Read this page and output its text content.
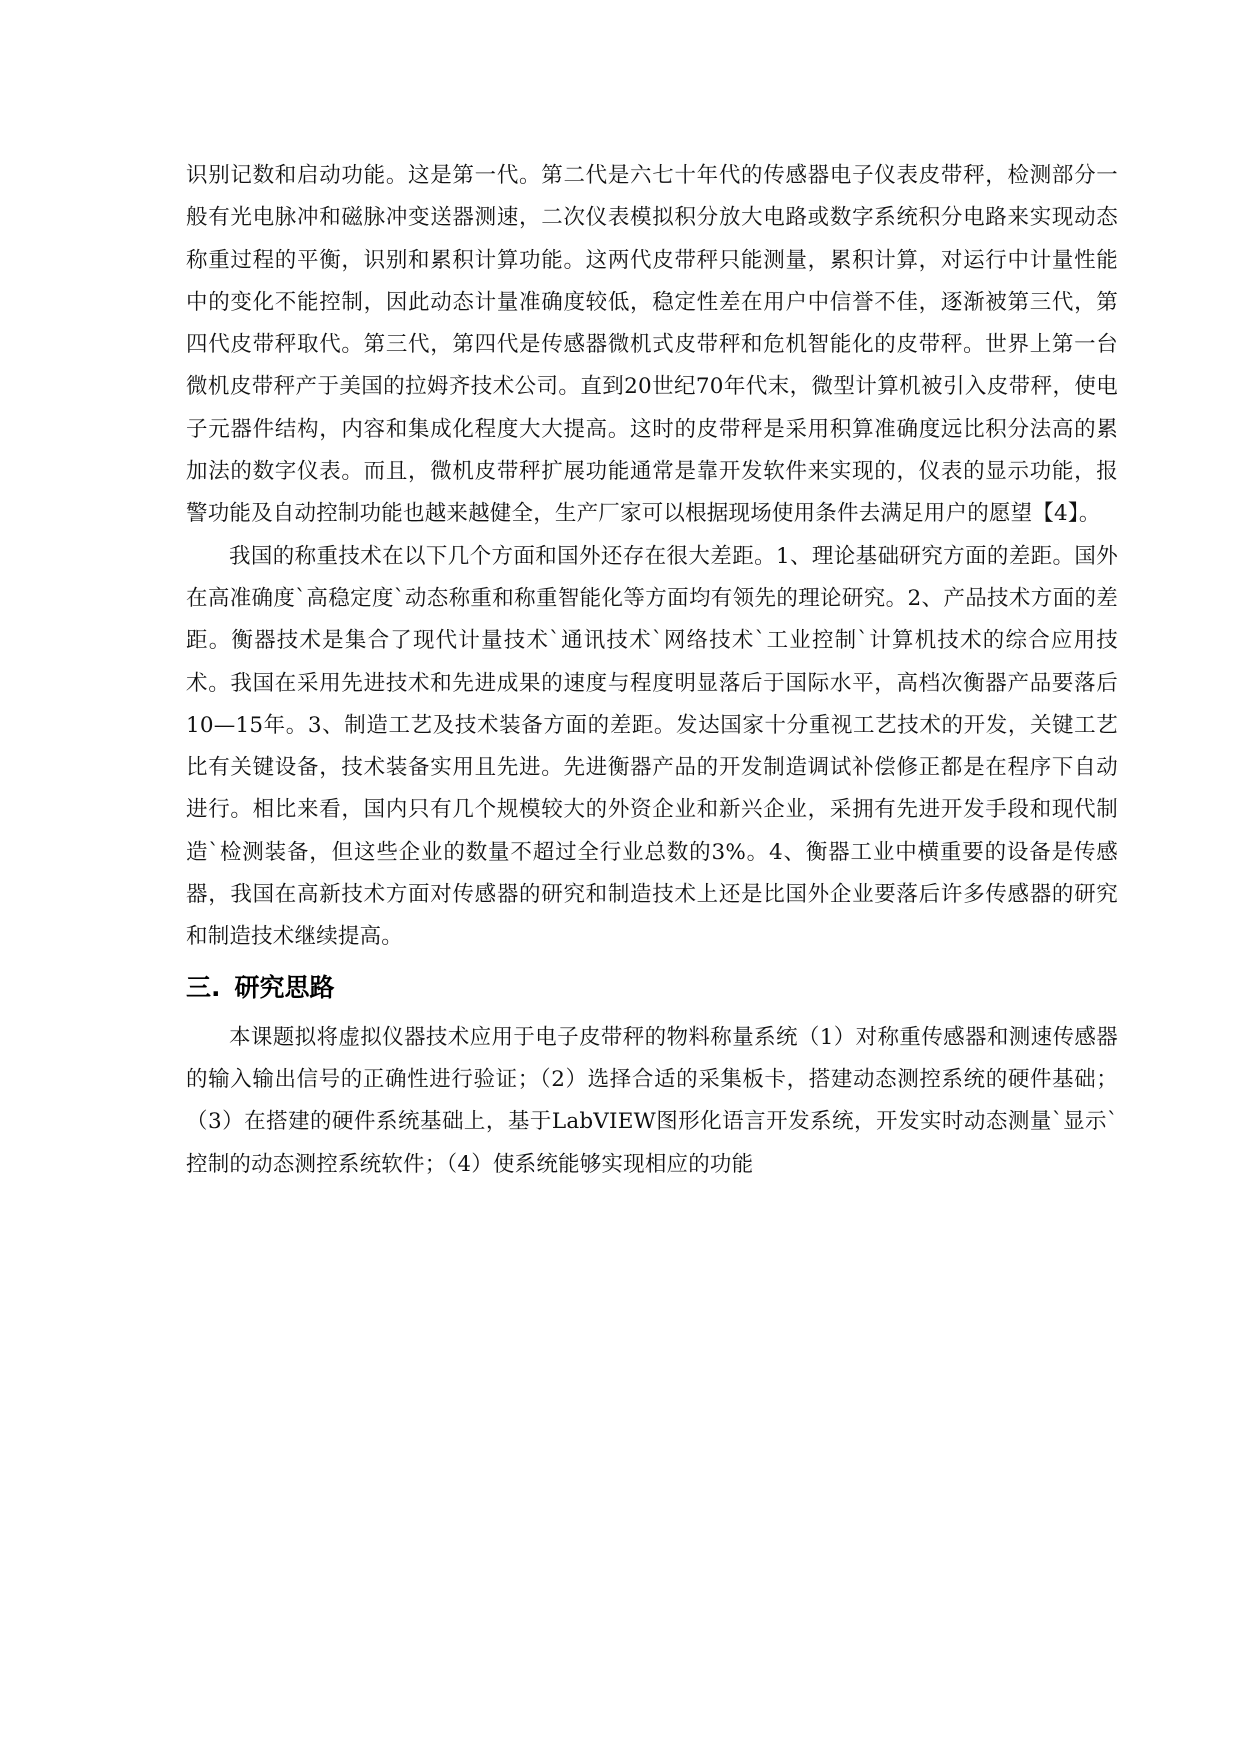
识别记数和启动功能。这是第一代。第二代是六七十年代的传感器电子仪表皮带秤，检测部分一般有光电脉冲和磁脉冲变送器测速，二次仪表模拟积分放大电路或数字系统积分电路来实现动态称重过程的平衡，识别和累积计算功能。这两代皮带秤只能测量，累积计算，对运行中计量性能中的变化不能控制，因此动态计量准确度较低，稳定性差在用户中信誉不佳，逐渐被第三代，第四代皮带秤取代。第三代，第四代是传感器微机式皮带秤和危机智能化的皮带秤。世界上第一台微机皮带秤产于美国的拉姆齐技术公司。直到20世纪70年代末，微型计算机被引入皮带秤，使电子元器件结构，内容和集成化程度大大提高。这时的皮带秤是采用积算准确度远比积分法高的累加法的数字仪表。而且，微机皮带秤扩展功能通常是靠开发软件来实现的，仪表的显示功能，报警功能及自动控制功能也越来越健全，生产厂家可以根据现场使用条件去满足用户的愿望【4】。

我国的称重技术在以下几个方面和国外还存在很大差距。1、理论基础研究方面的差距。国外在高准确度`高稳定度`动态称重和称重智能化等方面均有领先的理论研究。2、产品技术方面的差距。衡器技术是集合了现代计量技术`通讯技术`网络技术`工业控制`计算机技术的综合应用技术。我国在采用先进技术和先进成果的速度与程度明显落后于国际水平，高档次衡器产品要落后10—15年。3、制造工艺及技术装备方面的差距。发达国家十分重视工艺技术的开发，关键工艺比有关键设备，技术装备实用且先进。先进衡器产品的开发制造调试补偿修正都是在程序下自动进行。相比来看，国内只有几个规模较大的外资企业和新兴企业，采拥有先进开发手段和现代制造`检测装备，但这些企业的数量不超过全行业总数的3%。4、衡器工业中横重要的设备是传感器，我国在高新技术方面对传感器的研究和制造技术上还是比国外企业要落后许多传感器的研究和制造技术继续提高。

三. 研究思路

本课题拟将虚拟仪器技术应用于电子皮带秤的物料称量系统（1）对称重传感器和测速传感器的输入输出信号的正确性进行验证；（2）选择合适的采集板卡，搭建动态测控系统的硬件基础；（3）在搭建的硬件系统基础上，基于LabVIEW图形化语言开发系统，开发实时动态测量`显示`控制的动态测控系统软件；（4）使系统能够实现相应的功能
